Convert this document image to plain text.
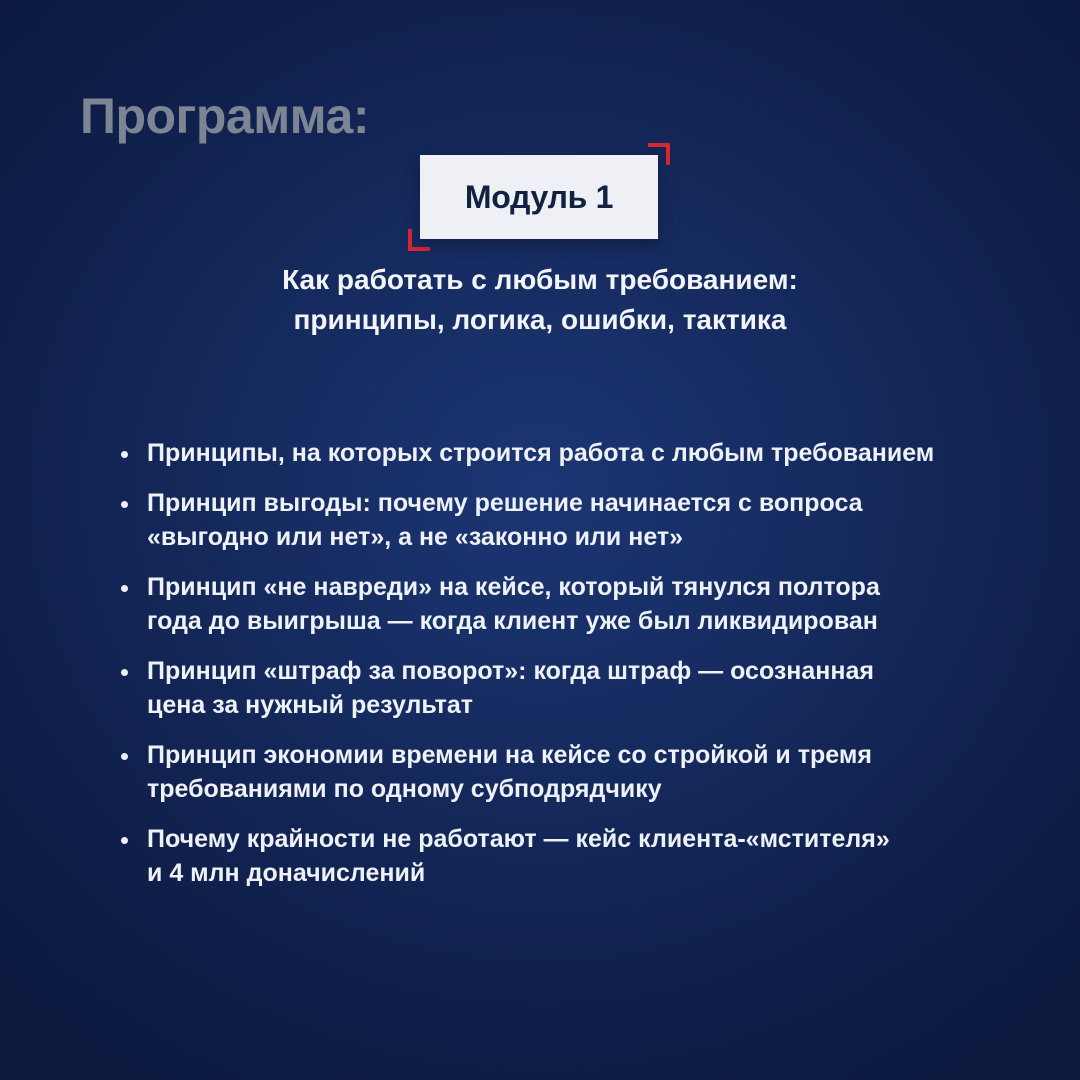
Программа:
Модуль 1
Как работать с любым требованием:
принципы, логика, ошибки, тактика
Принципы, на которых строится работа с любым требованием
Принцип выгоды: почему решение начинается с вопроса
«выгодно или нет», а не «законно или нет»
Принцип «не навреди» на кейсе, который тянулся полтора
года до выигрыша — когда клиент уже был ликвидирован
Принцип «штраф за поворот»: когда штраф — осознанная
цена за нужный результат
Принцип экономии времени на кейсе со стройкой и тремя
требованиями по одному субподрядчику
Почему крайности не работают — кейс клиента-«мстителя»
и 4 млн доначислений
